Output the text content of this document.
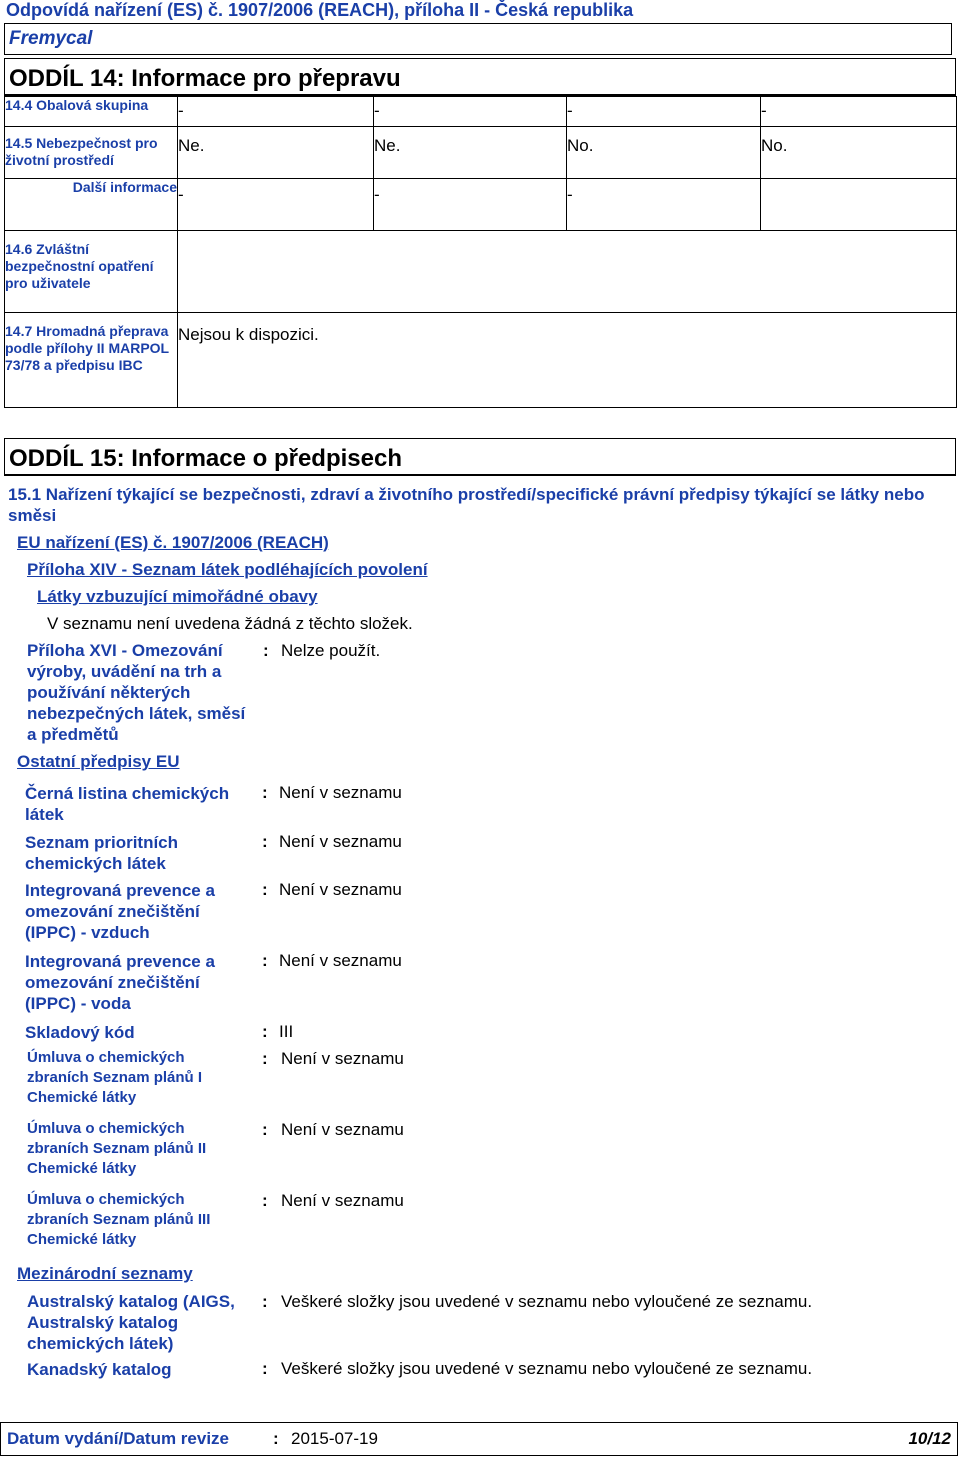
Odpovídá nařízení (ES) č. 1907/2006 (REACH), příloha II - Česká republika
Fremycal
ODDÍL 14: Informace pro přepravu
14.4 Obalová skupina	-	-	-	-
14.5 Nebezpečnost pro životní prostředí	Ne.	Ne.	No.	No.
Další informace	-	-	-	
14.6 Zvláštní bezpečnostní opatření pro uživatele				
14.7 Hromadná přeprava podle přílohy II MARPOL 73/78 a předpisu IBC	Nejsou k dispozici.			
ODDÍL 15: Informace o předpisech
15.1 Nařízení týkající se bezpečnosti, zdraví a životního prostředí/specifické právní předpisy týkající se látky nebo směsi
EU nařízení (ES) č. 1907/2006 (REACH)
Příloha XIV - Seznam látek podléhajících povolení
Látky vzbuzující mimořádné obavy
V seznamu není uvedena žádná z těchto složek.
Příloha XVI - Omezování výroby, uvádění na trh a používání některých nebezpečných látek, směsí a předmětů
: Nelze použít.
Ostatní předpisy EU
Černá listina chemických látek
: Není v seznamu
Seznam prioritních chemických látek
: Není v seznamu
Integrovaná prevence a omezování znečištění (IPPC) - vzduch
: Není v seznamu
Integrovaná prevence a omezování znečištění (IPPC) - voda
: Není v seznamu
Skladový kód	: III
Úmluva o chemických zbraních Seznam plánů I Chemické látky
: Není v seznamu
Úmluva o chemických zbraních Seznam plánů II Chemické látky
: Není v seznamu
Úmluva o chemických zbraních Seznam plánů III Chemické látky
: Není v seznamu
Mezinárodní seznamy
Australský katalog (AIGS, Australský katalog chemických látek)
: Veškeré složky jsou uvedené v seznamu nebo vyloučené ze seznamu.
Kanadský katalog	: Veškeré složky jsou uvedené v seznamu nebo vyloučené ze seznamu.
Datum vydání/Datum revize	: 2015-07-19	10/12
